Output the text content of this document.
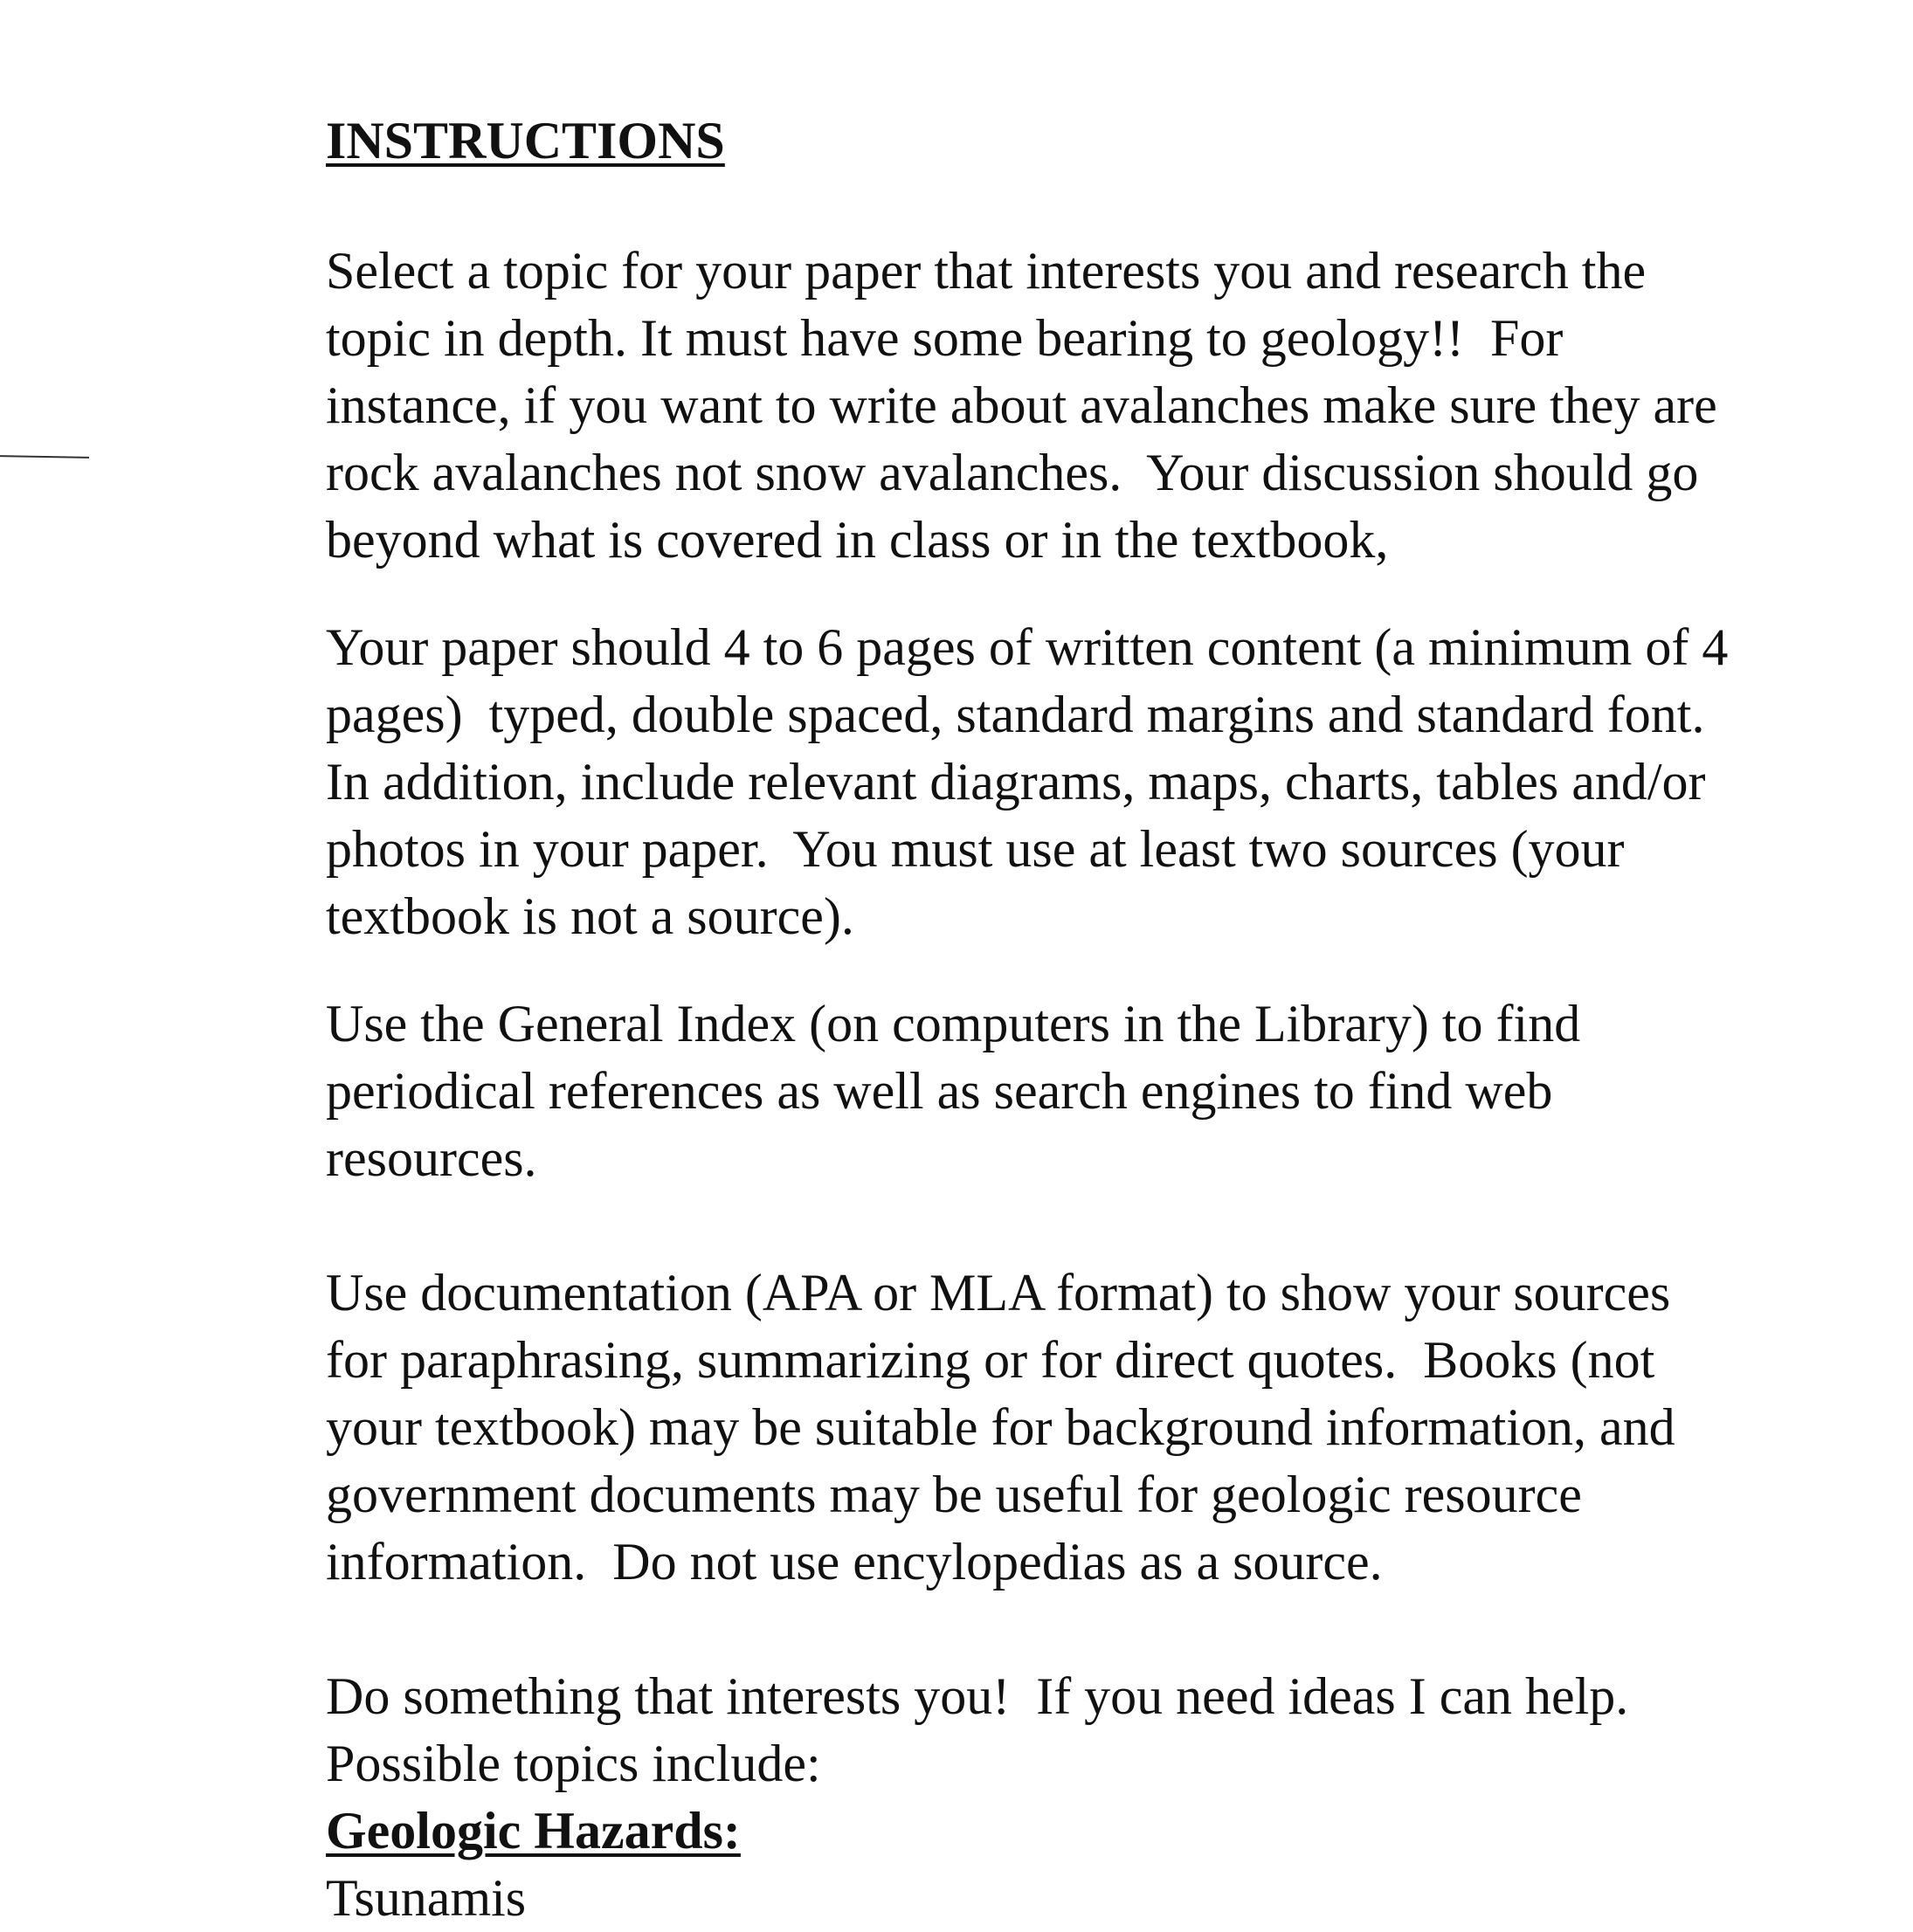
INSTRUCTIONS
Select a topic for your paper that interests you and research the
topic in depth. It must have some bearing to geology!!  For
instance, if you want to write about avalanches make sure they are
rock avalanches not snow avalanches.  Your discussion should go
beyond what is covered in class or in the textbook,
Your paper should 4 to 6 pages of written content (a minimum of 4
pages)  typed, double spaced, standard margins and standard font.
In addition, include relevant diagrams, maps, charts, tables and/or
photos in your paper.  You must use at least two sources (your
textbook is not a source).
Use the General Index (on computers in the Library) to find
periodical references as well as search engines to find web
resources.
Use documentation (APA or MLA format) to show your sources
for paraphrasing, summarizing or for direct quotes.  Books (not
your textbook) may be suitable for background information, and
government documents may be useful for geologic resource
information.  Do not use encylopedias as a source.
Do something that interests you!  If you need ideas I can help.
Possible topics include:
Geologic Hazards:
Tsunamis
